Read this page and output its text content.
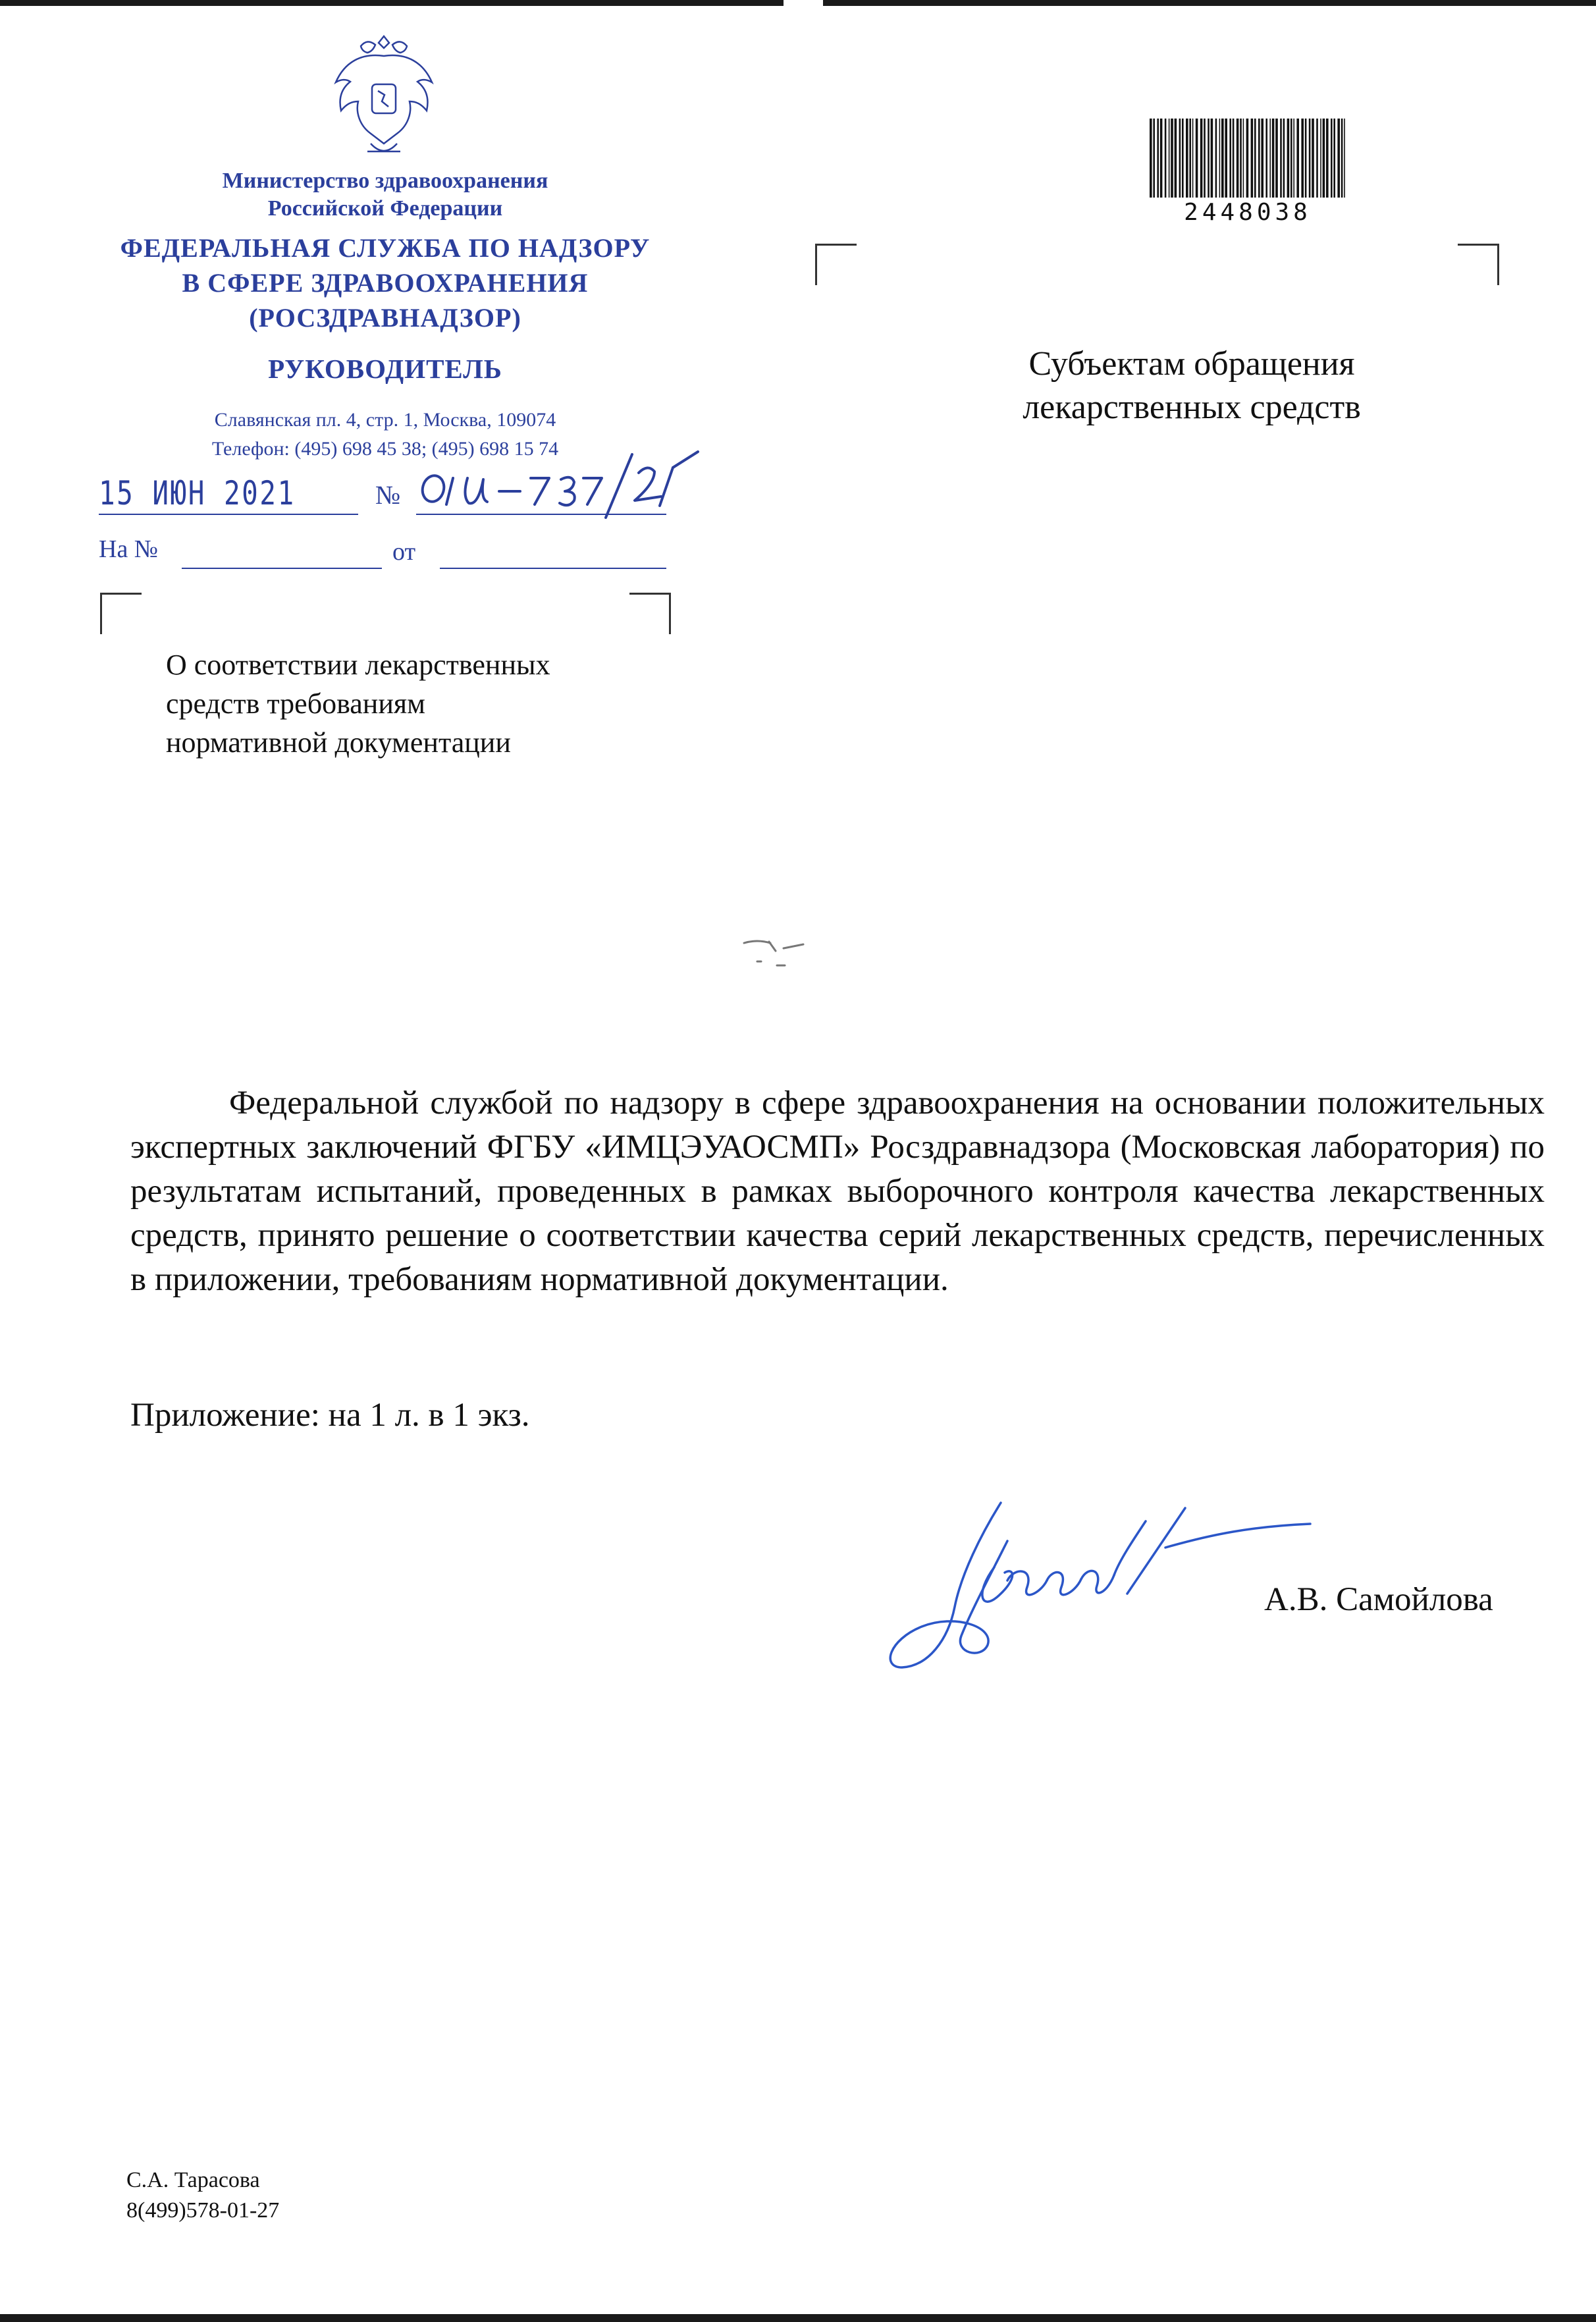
Министерство здравоохранения
Российской Федерации
ФЕДЕРАЛЬНАЯ СЛУЖБА ПО НАДЗОРУ
В СФЕРЕ ЗДРАВООХРАНЕНИЯ
(РОСЗДРАВНАДЗОР)
РУКОВОДИТЕЛЬ
Славянская пл. 4, стр. 1, Москва, 109074
Телефон: (495) 698 45 38; (495) 698 15 74
15 ИЮН 2021	№
На №	от
О соответствии лекарственных
средств требованиям
нормативной документации
2448038
Субъектам обращения
лекарственных средств
Федеральной службой по надзору в сфере здравоохранения на основании положительных экспертных заключений ФГБУ «ИМЦЭУАОСМП» Росздравнадзора (Московская лаборатория) по результатам испытаний, проведенных в рамках выборочного контроля качества лекарственных средств, принято решение о соответствии качества серий лекарственных средств, перечисленных в приложении, требованиям нормативной документации.
Приложение: на 1 л. в 1 экз.
А.В. Самойлова
С.А. Тарасова
8(499)578-01-27
